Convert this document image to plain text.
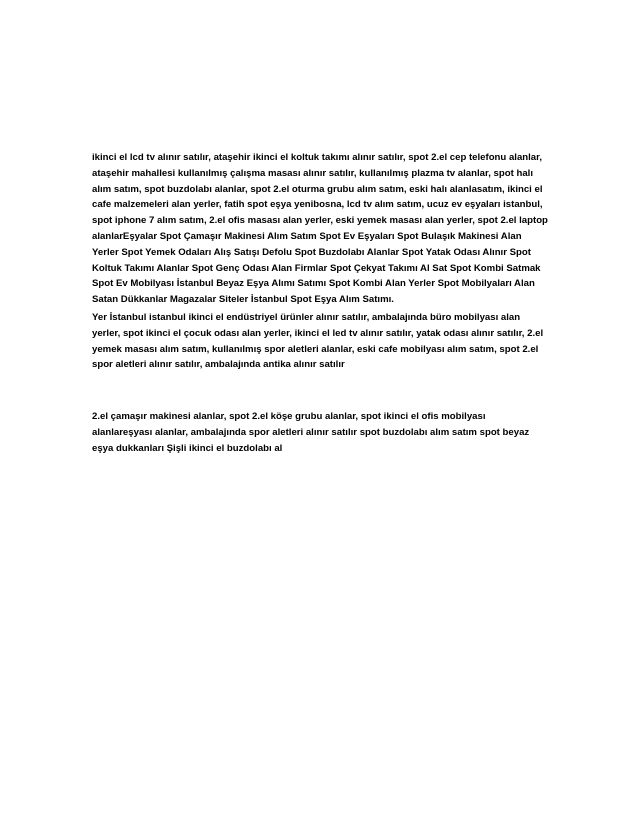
ikinci el lcd tv alınır satılır, ataşehir ikinci el koltuk takımı alınır satılır, spot 2.el cep telefonu alanlar, ataşehir mahallesi kullanılmış çalışma masası alınır satılır, kullanılmış plazma tv alanlar, spot halı alım satım, spot buzdolabı alanlar, spot 2.el oturma grubu alım satım, eski halı alanlasatım, ikinci el cafe malzemeleri alan yerler, fatih spot eşya yenibosna, lcd tv alım satım, ucuz ev eşyaları istanbul, spot iphone 7 alım satım, 2.el ofis masası alan yerler, eski yemek masası alan yerler, spot 2.el laptop alanlarEşyalar Spot Çamaşır Makinesi Alım Satım Spot Ev Eşyaları Spot Bulaşık Makinesi Alan Yerler Spot Yemek Odaları Alış Satışı Defolu Spot Buzdolabı Alanlar Spot Yatak Odası Alınır Spot Koltuk Takımı Alanlar Spot Genç Odası Alan Firmlar Spot Çekyat Takımı Al Sat Spot Kombi Satmak Spot Ev Mobilyası İstanbul Beyaz Eşya Alımı Satımı Spot Kombi Alan Yerler Spot Mobilyaları Alan Satan Dükkanlar Magazalar Siteler İstanbul Spot Eşya Alım Satımı.

Yer İstanbul istanbul ikinci el endüstriyel ürünler alınır satılır, ambalajında büro mobilyası alan yerler, spot ikinci el çocuk odası alan yerler, ikinci el led tv alınır satılır, yatak odası alınır satılır, 2.el yemek masası alım satım, kullanılmış spor aletleri alanlar, eski cafe mobilyası alım satım, spot 2.el spor aletleri alınır satılır, ambalajında antika alınır satılır

2.el çamaşır makinesi alanlar, spot 2.el köşe grubu alanlar, spot ikinci el ofis mobilyası alanlareşyası alanlar, ambalajında spor aletleri alınır satılır spot buzdolabı alım satım spot beyaz eşya dukkanları Şişli ikinci el buzdolabı al
